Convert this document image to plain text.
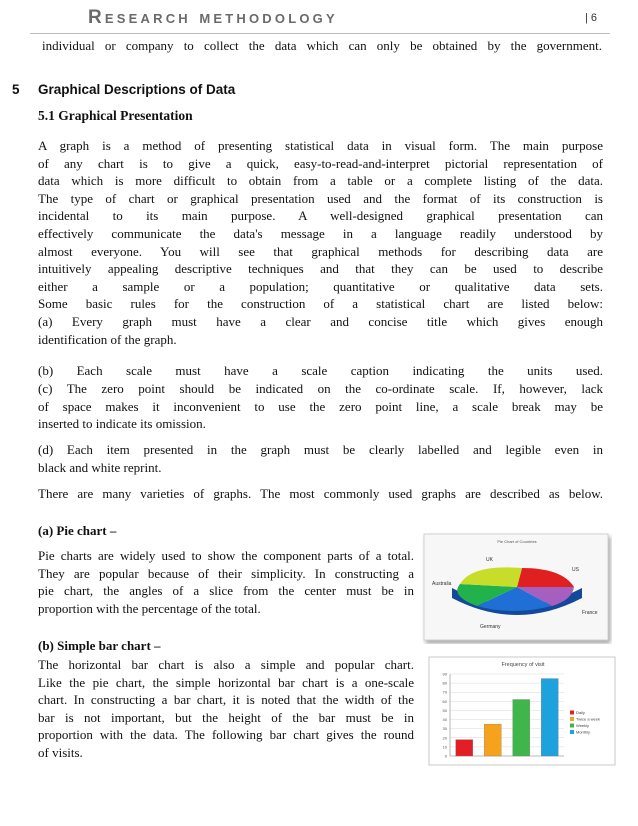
Research methodology	| 6
individual or company to collect the data which can only be obtained by the government.
5 Graphical Descriptions of Data
5.1 Graphical Presentation
A graph is a method of presenting statistical data in visual form. The main purpose
of any chart is to give a quick, easy-to-read-and-interpret pictorial representation of
data which is more difficult to obtain from a table or a complete listing of the data.
The type of chart or graphical presentation used and the format of its construction is
incidental to its main purpose. A well-designed graphical presentation can
effectively communicate the data's message in a language readily understood by
almost everyone. You will see that graphical methods for describing data are
intuitively appealing descriptive techniques and that they can be used to describe
either a sample or a population; quantitative or qualitative data sets.
Some basic rules for the construction of a statistical chart are listed below:
(a) Every graph must have a clear and concise title which gives enough
identification of the graph.
(b) Each scale must have a scale caption indicating the units used.
(c) The zero point should be indicated on the co-ordinate scale. If, however, lack
of space makes it inconvenient to use the zero point line, a scale break may be
inserted to indicate its omission.
(d) Each item presented in the graph must be clearly labelled and legible even in
black and white reprint.
There are many varieties of graphs. The most commonly used graphs are described as below.
(a) Pie chart –
Pie charts are widely used to show the component parts of a total.
They are popular because of their simplicity. In constructing a
pie chart, the angles of a slice from the center must be in
proportion with the percentage of the total.
Pie Chart of Countries
UK
US
Australia
Germany
France
(b) Simple bar chart –
The horizontal bar chart is also a simple and popular chart.
Like the pie chart, the simple horizontal bar chart is a one-scale
chart. In constructing a bar chart, it is noted that the width of the
bar is not important, but the height of the bar must be in
proportion with the data. The following bar chart gives the round
of visits.
Frequency of visit
0
10
20
30
40
50
60
70
80
90
Daily
Twice a week
Weekly
Monthly
